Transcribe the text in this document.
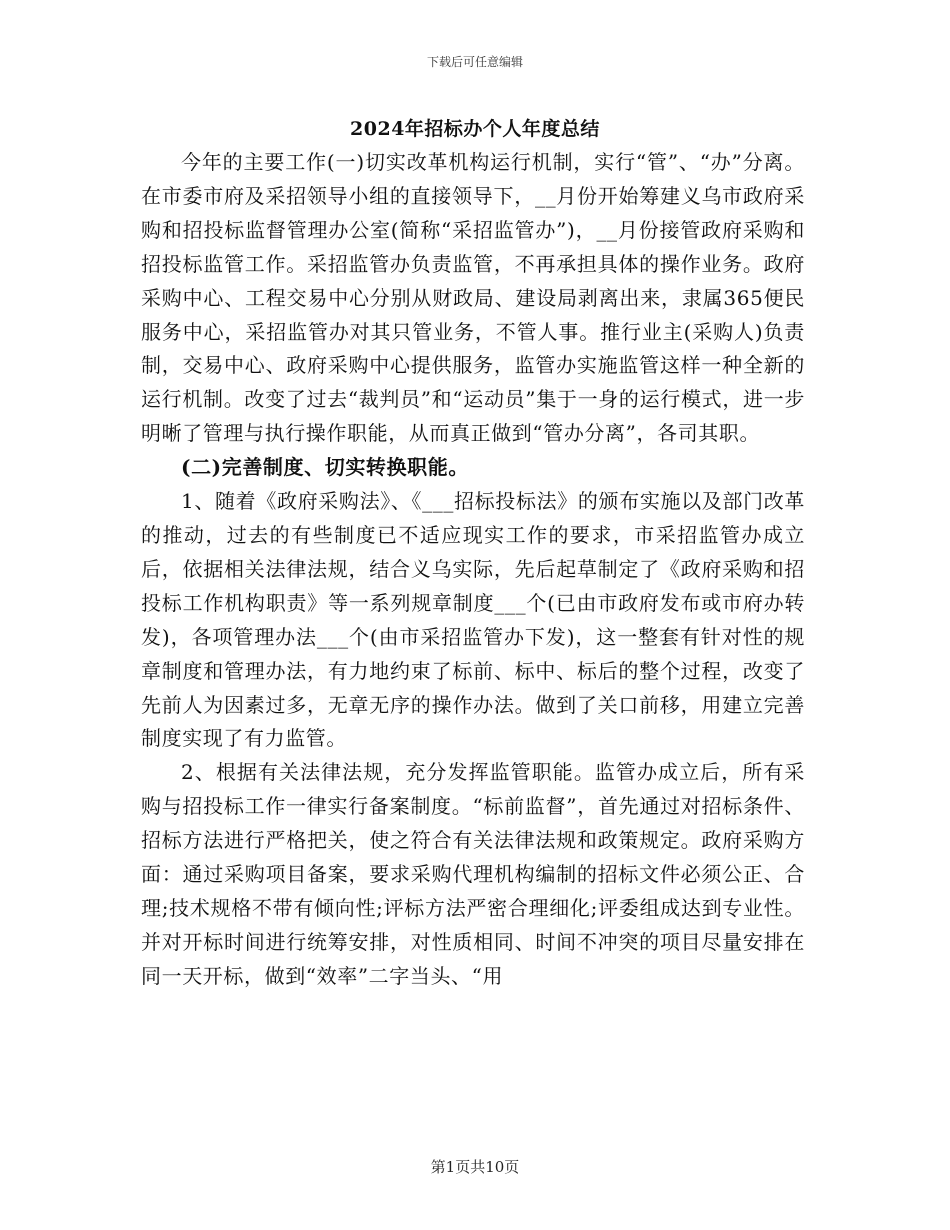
下载后可任意编辑
2024年招标办个人年度总结

今年的主要工作(一)切实改革机构运行机制，实行“管”、“办”分离。在市委市府及采招领导小组的直接领导下，__月份开始筹建义乌市政府采购和招投标监督管理办公室(简称“采招监管办”)，__月份接管政府采购和招投标监管工作。采招监管办负责监管，不再承担具体的操作业务。政府采购中心、工程交易中心分别从财政局、建设局剥离出来，隶属365便民服务中心，采招监管办对其只管业务，不管人事。推行业主(采购人)负责制，交易中心、政府采购中心提供服务，监管办实施监管这样一种全新的运行机制。改变了过去“裁判员”和“运动员”集于一身的运行模式，进一步明晰了管理与执行操作职能，从而真正做到“管办分离”，各司其职。

(二)完善制度、切实转换职能。

1、随着《政府采购法》、《___招标投标法》的颁布实施以及部门改革的推动，过去的有些制度已不适应现实工作的要求，市采招监管办成立后，依据相关法律法规，结合义乌实际，先后起草制定了《政府采购和招投标工作机构职责》等一系列规章制度___个(已由市政府发布或市府办转发)，各项管理办法___个(由市采招监管办下发)，这一整套有针对性的规章制度和管理办法，有力地约束了标前、标中、标后的整个过程，改变了先前人为因素过多，无章无序的操作办法。做到了关口前移，用建立完善制度实现了有力监管。

2、根据有关法律法规，充分发挥监管职能。监管办成立后，所有采购与招投标工作一律实行备案制度。“标前监督”，首先通过对招标条件、招标方法进行严格把关，使之符合有关法律法规和政策规定。政府采购方面：通过采购项目备案，要求采购代理机构编制的招标文件必须公正、合理;技术规格不带有倾向性;评标方法严密合理细化;评委组成达到专业性。并对开标时间进行统筹安排，对性质相同、时间不冲突的项目尽量安排在同一天开标，做到“效率”二字当头、“用

第1页共10页
